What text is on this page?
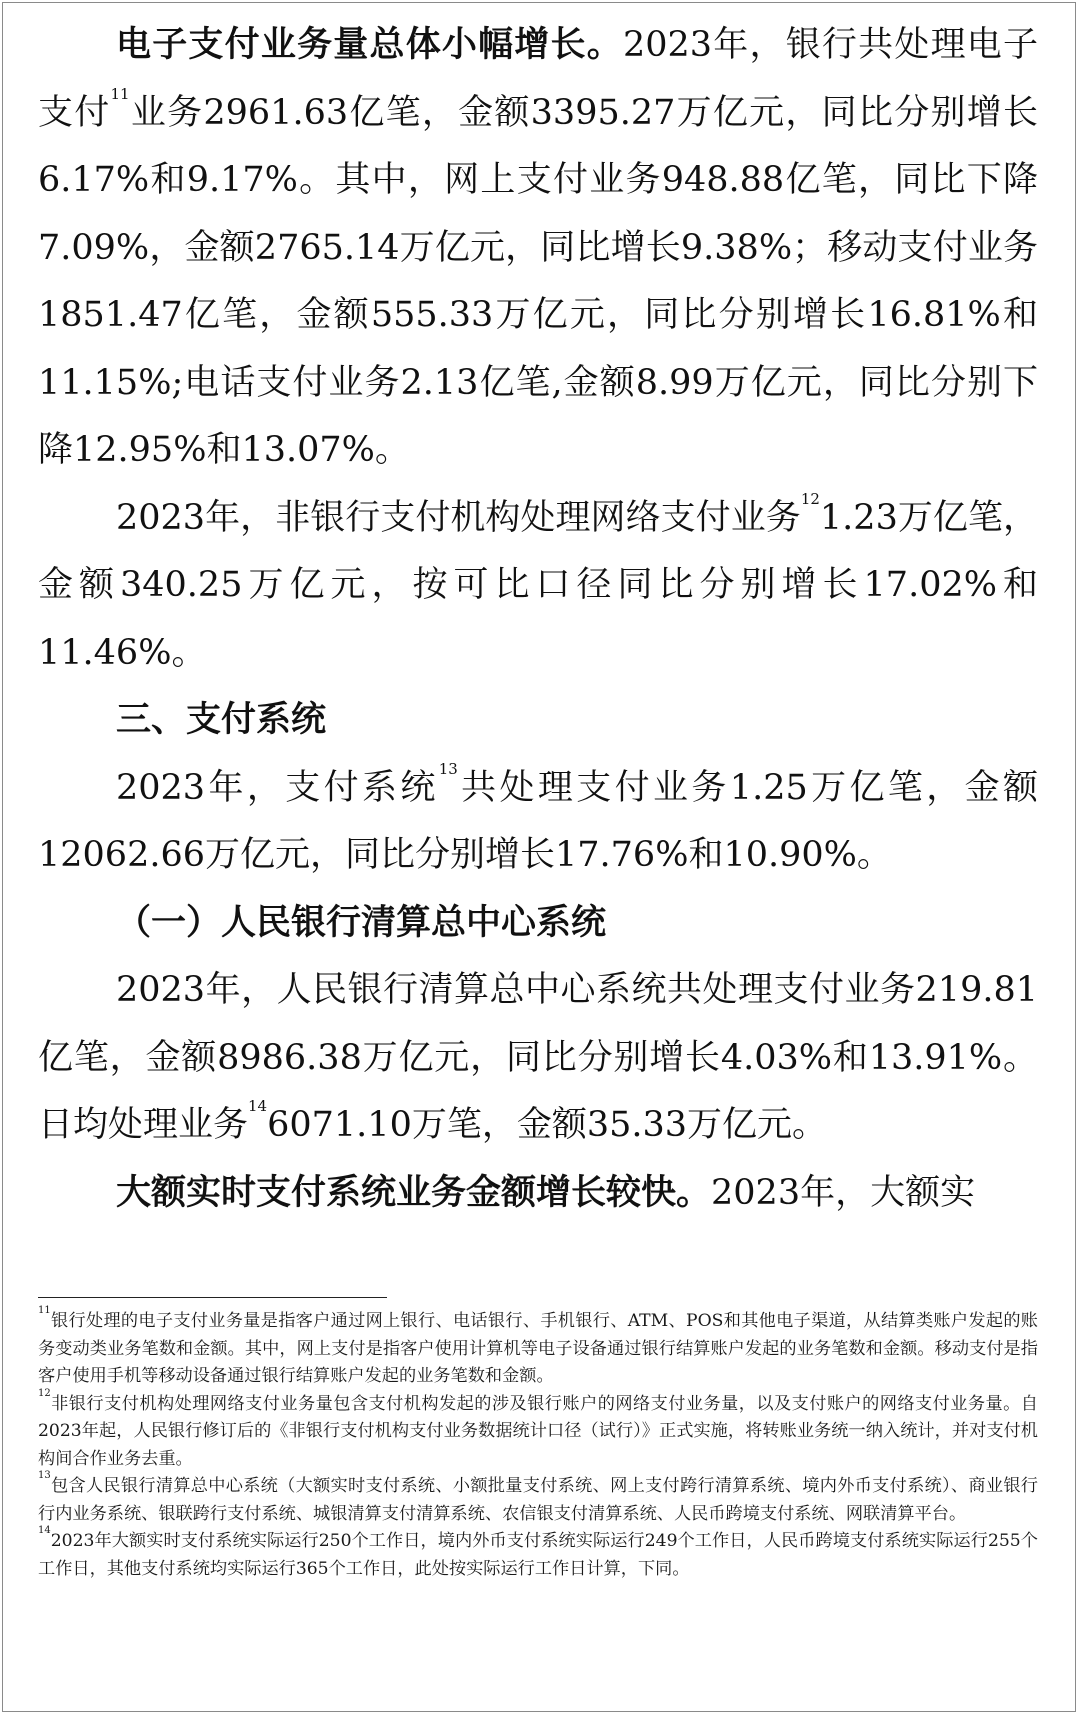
电子支付业务量总体小幅增长。2023年，银行共处理电子支付$^{11}$业务2961.63亿笔，金额3395.27万亿元，同比分别增长6.17%和9.17%。其中，网上支付业务948.88亿笔，同比下降7.09%，金额2765.14万亿元，同比增长9.38%；移动支付业务1851.47亿笔，金额555.33万亿元，同比分别增长16.81%和11.15%;电话支付业务2.13亿笔,金额8.99万亿元，同比分别下降12.95%和13.07%。

2023年，非银行支付机构处理网络支付业务$^{12}$1.23万亿笔，金额340.25万亿元，按可比口径同比分别增长17.02%和11.46%。

三、支付系统

2023年，支付系统$^{13}$共处理支付业务1.25万亿笔，金额12062.66万亿元，同比分别增长17.76%和10.90%。

（一）人民银行清算总中心系统

2023年，人民银行清算总中心系统共处理支付业务219.81亿笔，金额8986.38万亿元，同比分别增长4.03%和13.91%。日均处理业务$^{14}$6071.10万笔，金额35.33万亿元。

大额实时支付系统业务金额增长较快。2023年，大额实

$^{11}$银行处理的电子支付业务量是指客户通过网上银行、电话银行、手机银行、ATM、POS和其他电子渠道，从结算类账户发起的账务变动类业务笔数和金额。其中，网上支付是指客户使用计算机等电子设备通过银行结算账户发起的业务笔数和金额。移动支付是指客户使用手机等移动设备通过银行结算账户发起的业务笔数和金额。

$^{12}$非银行支付机构处理网络支付业务量包含支付机构发起的涉及银行账户的网络支付业务量，以及支付账户的网络支付业务量。自2023年起，人民银行修订后的《非银行支付机构支付业务数据统计口径（试行）》正式实施，将转账业务统一纳入统计，并对支付机构间合作业务去重。

$^{13}$包含人民银行清算总中心系统（大额实时支付系统、小额批量支付系统、网上支付跨行清算系统、境内外币支付系统）、商业银行行内业务系统、银联跨行支付系统、城银清算支付清算系统、农信银支付清算系统、人民币跨境支付系统、网联清算平台。

$^{14}$2023年大额实时支付系统实际运行250个工作日，境内外币支付系统实际运行249个工作日，人民币跨境支付系统实际运行255个工作日，其他支付系统均实际运行365个工作日，此处按实际运行工作日计算，下同。
